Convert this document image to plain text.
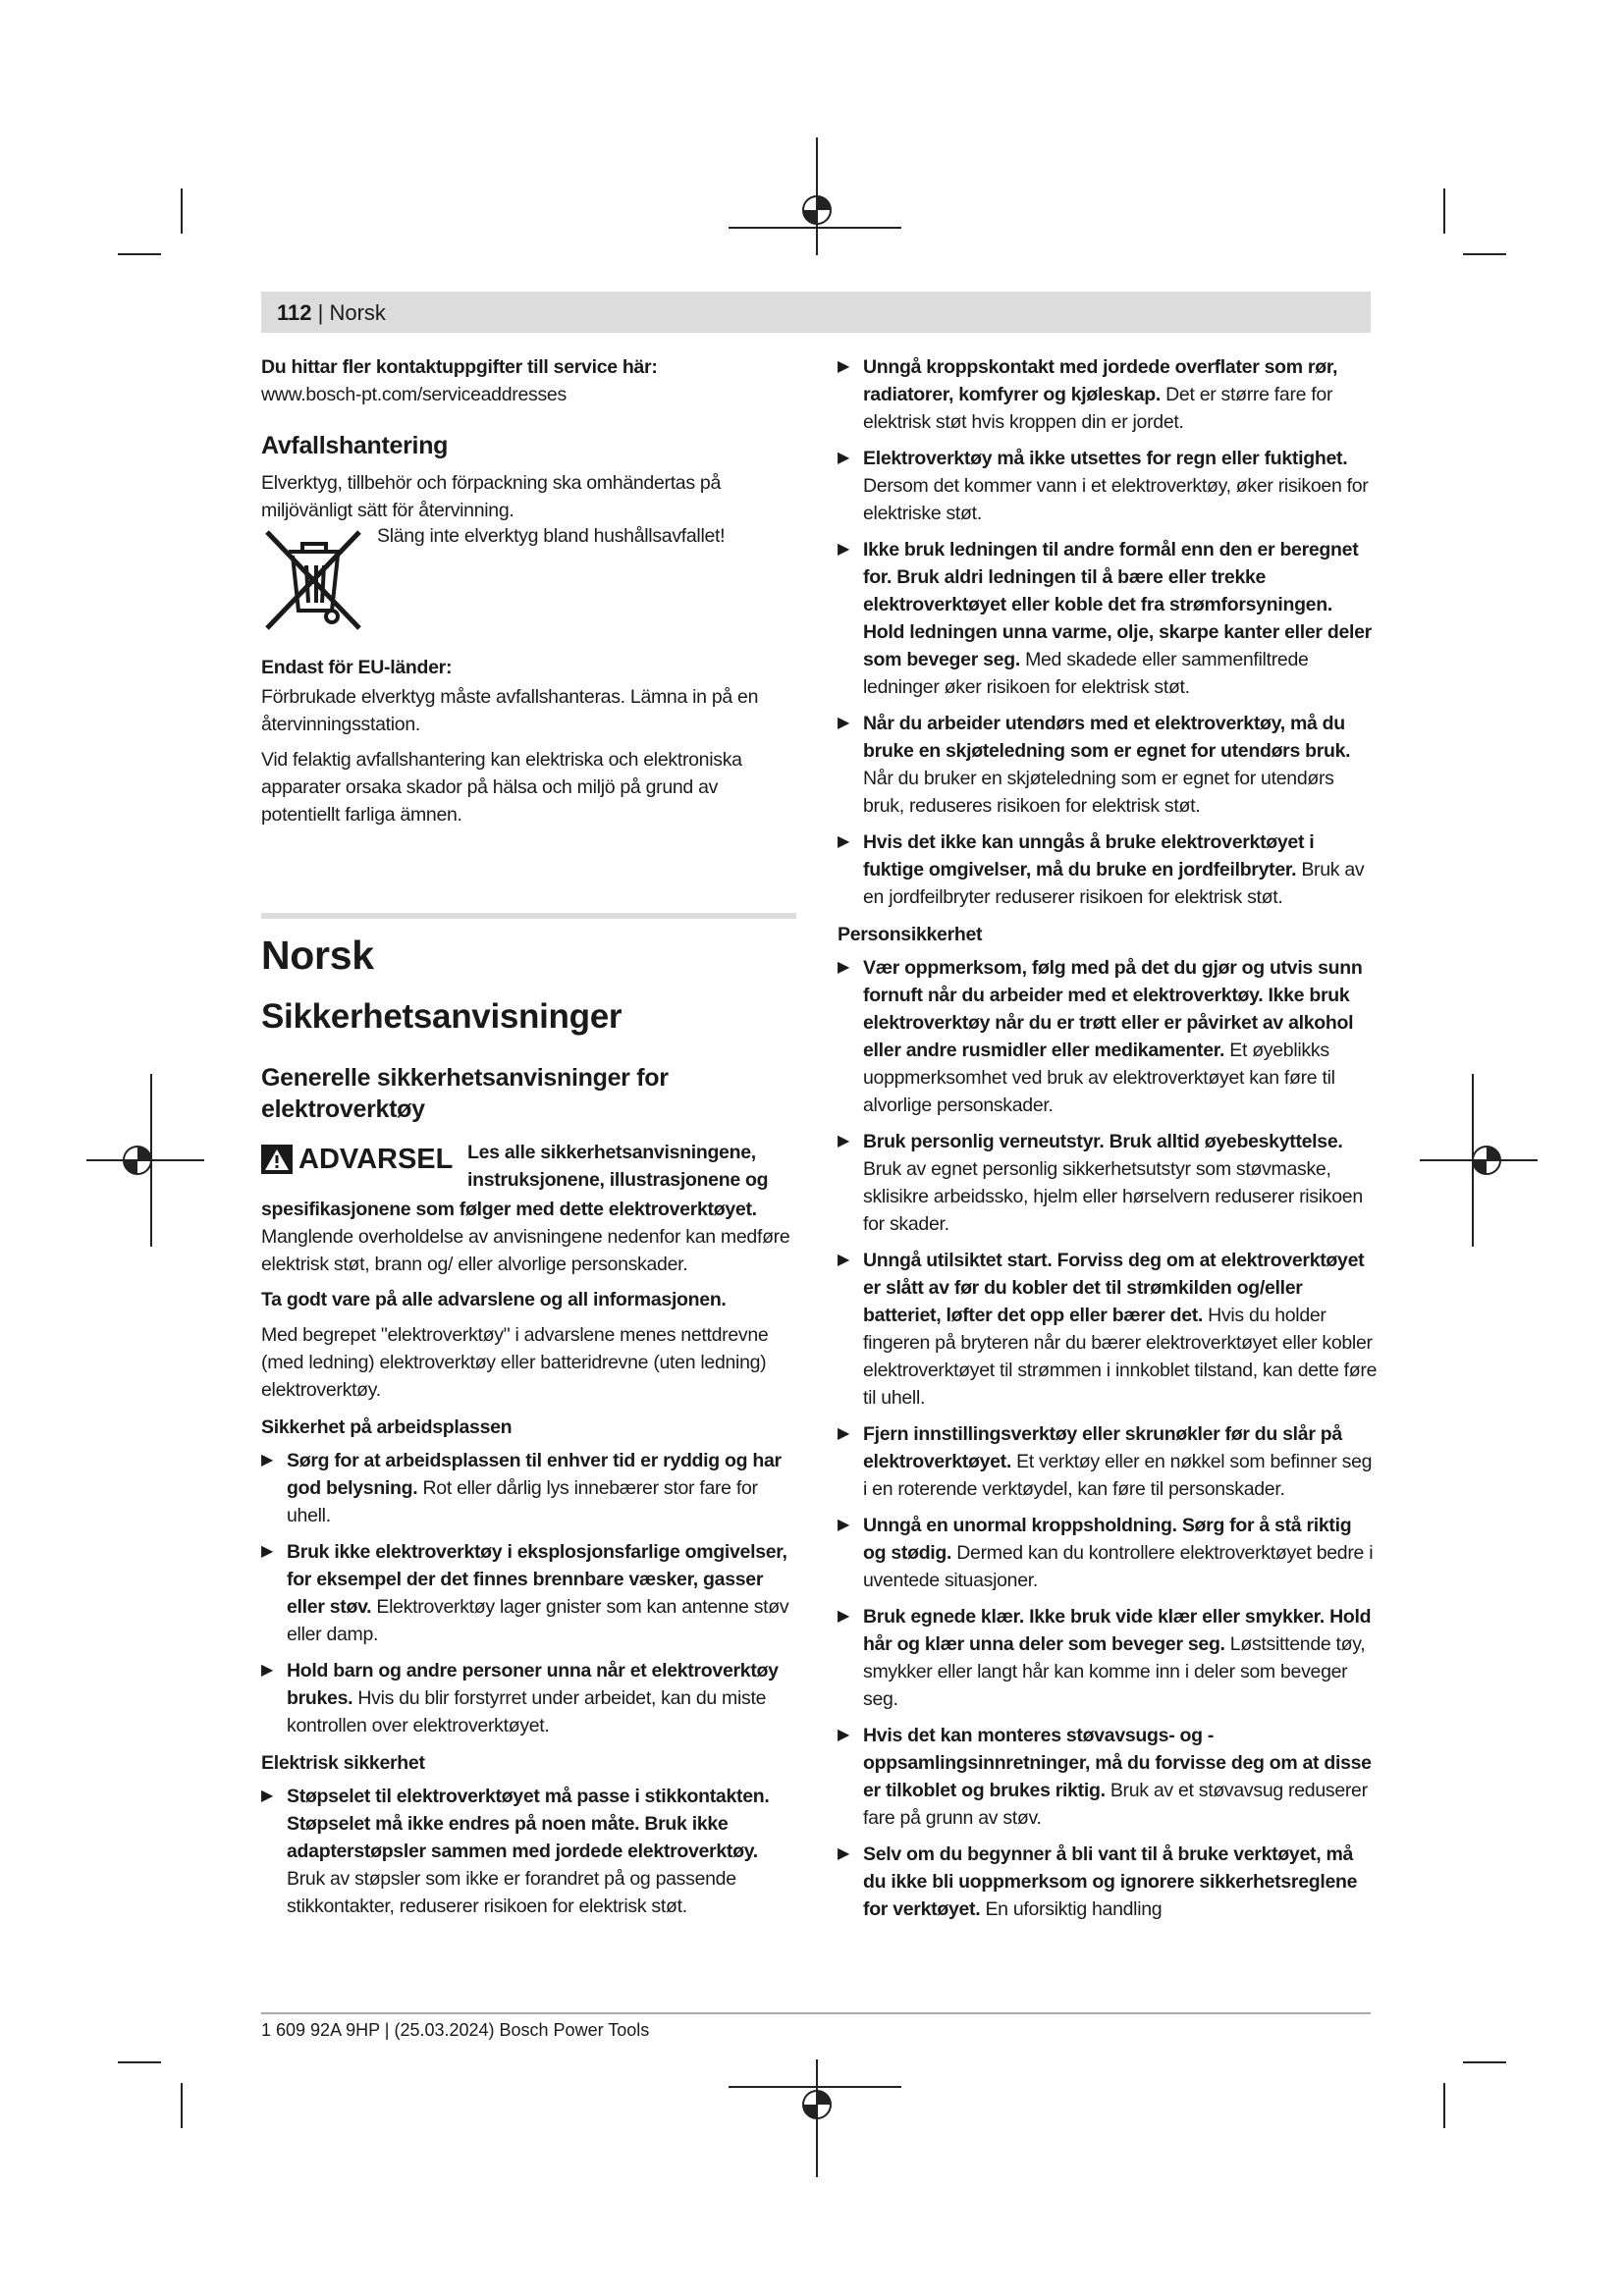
112 | Norsk

Du hittar fler kontaktuppgifter till service här:

www.bosch-pt.com/serviceaddresses

Avfallshantering

Elverktyg, tillbehör och förpackning ska omhändertas på miljövänligt sätt för återvinning.

Släng inte elverktyg bland hushållsavfallet!

Endast för EU-länder:

Förbrukade elverktyg måste avfallshanteras. Lämna in på en återvinningsstation.

Vid felaktig avfallshantering kan elektriska och elektroniska apparater orsaka skador på hälsa och miljö på grund av potentiellt farliga ämnen.

Norsk
Sikkerhetsanvisninger
Generelle sikkerhetsanvisninger for elektroverktøy
ADVARSEL Les alle sikkerhetsanvisningene, instruksjonene, illustrasjonene og

spesifikasjonene som følger med dette elektroverktøyet. Manglende overholdelse av anvisningene nedenfor kan medføre elektrisk støt, brann og/ eller alvorlige personskader.

Ta godt vare på alle advarslene og all informasjonen.

Med begrepet "elektroverktøy" i advarslene menes nettdrevne (med ledning) elektroverktøy eller batteridrevne (uten ledning) elektroverktøy.

Sikkerhet på arbeidsplassen

▶ Sørg for at arbeidsplassen til enhver tid er ryddig og har god belysning. Rot eller dårlig lys innebærer stor fare for uhell.
▶ Bruk ikke elektroverktøy i eksplosjonsfarlige omgivelser, for eksempel der det finnes brennbare væsker, gasser eller støv. Elektroverktøy lager gnister som kan antenne støv eller damp.
▶ Hold barn og andre personer unna når et elektroverktøy brukes. Hvis du blir forstyrret under arbeidet, kan du miste kontrollen over elektroverktøyet.

Elektrisk sikkerhet

▶ Støpselet til elektroverktøyet må passe i stikkontakten. Støpselet må ikke endres på noen måte. Bruk ikke adapterstøpsler sammen med jordede elektroverktøy. Bruk av støpsler som ikke er forandret på og passende stikkontakter, reduserer risikoen for elektrisk støt.
▶ Unngå kroppskontakt med jordede overflater som rør, radiatorer, komfyrer og kjøleskap. Det er større fare for elektrisk støt hvis kroppen din er jordet.
▶ Elektroverktøy må ikke utsettes for regn eller fuktighet. Dersom det kommer vann i et elektroverktøy, øker risikoen for elektriske støt.
▶ Ikke bruk ledningen til andre formål enn den er beregnet for. Bruk aldri ledningen til å bære eller trekke elektroverktøyet eller koble det fra strømforsyningen. Hold ledningen unna varme, olje, skarpe kanter eller deler som beveger seg. Med skadede eller sammenfiltrede ledninger øker risikoen for elektrisk støt.
▶ Når du arbeider utendørs med et elektroverktøy, må du bruke en skjøteledning som er egnet for utendørs bruk. Når du bruker en skjøteledning som er egnet for utendørs bruk, reduseres risikoen for elektrisk støt.
▶ Hvis det ikke kan unngås å bruke elektroverktøyet i fuktige omgivelser, må du bruke en jordfeilbryter. Bruk av en jordfeilbryter reduserer risikoen for elektrisk støt.

Personsikkerhet

▶ Vær oppmerksom, følg med på det du gjør og utvis sunn fornuft når du arbeider med et elektroverktøy. Ikke bruk elektroverktøy når du er trøtt eller er påvirket av alkohol eller andre rusmidler eller medikamenter. Et øyeblikks uoppmerksomhet ved bruk av elektroverktøyet kan føre til alvorlige personskader.
▶ Bruk personlig verneutstyr. Bruk alltid øyebeskyttelse. Bruk av egnet personlig sikkerhetsutstyr som støvmaske, sklisikre arbeidssko, hjelm eller hørselvern reduserer risikoen for skader.
▶ Unngå utilsiktet start. Forviss deg om at elektroverktøyet er slått av før du kobler det til strømkilden og/eller batteriet, løfter det opp eller bærer det. Hvis du holder fingeren på bryteren når du bærer elektroverktøyet eller kobler elektroverktøyet til strømmen i innkoblet tilstand, kan dette føre til uhell.
▶ Fjern innstillingsverktøy eller skrunøkler før du slår på elektroverktøyet. Et verktøy eller en nøkkel som befinner seg i en roterende verktøydel, kan føre til personskader.
▶ Unngå en unormal kroppsholdning. Sørg for å stå riktig og stødig. Dermed kan du kontrollere elektroverktøyet bedre i uventede situasjoner.
▶ Bruk egnede klær. Ikke bruk vide klær eller smykker. Hold hår og klær unna deler som beveger seg. Løstsittende tøy, smykker eller langt hår kan komme inn i deler som beveger seg.
▶ Hvis det kan monteres støvavsugs- og -oppsamlingsinnretninger, må du forvisse deg om at disse er tilkoblet og brukes riktig. Bruk av et støvavsug reduserer fare på grunn av støv.
▶ Selv om du begynner å bli vant til å bruke verktøyet, må du ikke bli uoppmerksom og ignorere sikkerhetsreglene for verktøyet. En uforsiktig handling
1 609 92A 9HP | (25.03.2024) Bosch Power Tools
